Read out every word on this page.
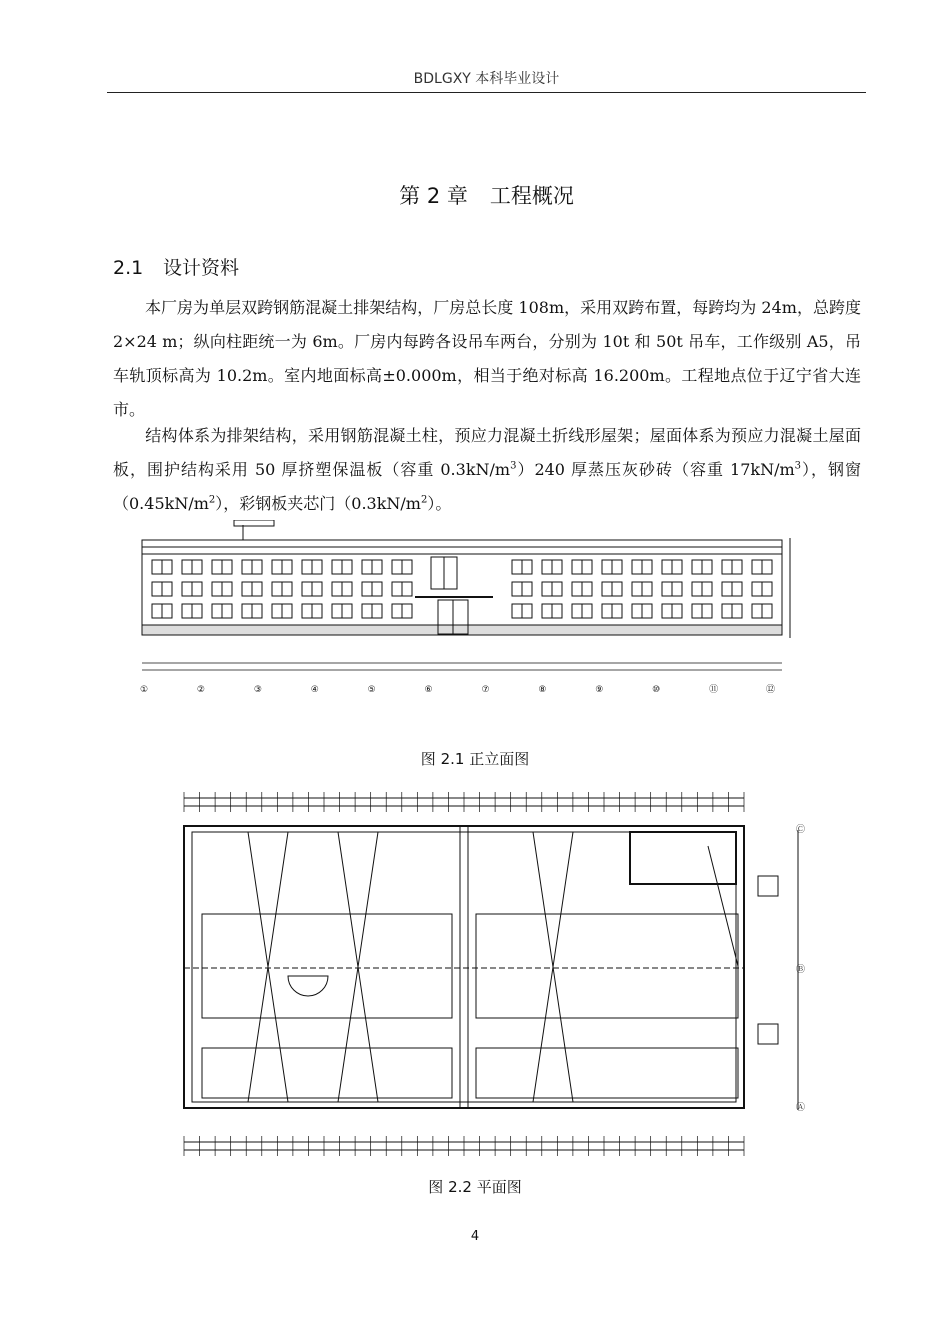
BDLGXY 本科毕业设计
第 2 章 工程概况
2.1 设计资料

本厂房为单层双跨钢筋混凝土排架结构，厂房总长度 108m，采用双跨布置，每跨均为 24m，总跨度 2×24 m；纵向柱距统一为 6m。厂房内每跨各设吊车两台，分别为 10t 和 50t 吊车，工作级别 A5，吊车轨顶标高为 10.2m。室内地面标高±0.000m，相当于绝对标高 16.200m。工程地点位于辽宁省大连市。

结构体系为排架结构，采用钢筋混凝土柱，预应力混凝土折线形屋架；屋面体系为预应力混凝土屋面板，围护结构采用 50 厚挤塑保温板（容重 $0.3kN/m^3)240$ 厚蒸压灰砂砖（容重 $17kN/m^3$），钢窗$(0.45kN/m^2)$，彩钢板夹芯门$(0.3kN/m^2)$。

①	②	③	④	⑤	⑥	⑦	⑧	⑨	⑩	⑪	⑫
图 2.1 正立面图
Ⓒ
Ⓑ
Ⓐ
图 2.2 平面图
4
